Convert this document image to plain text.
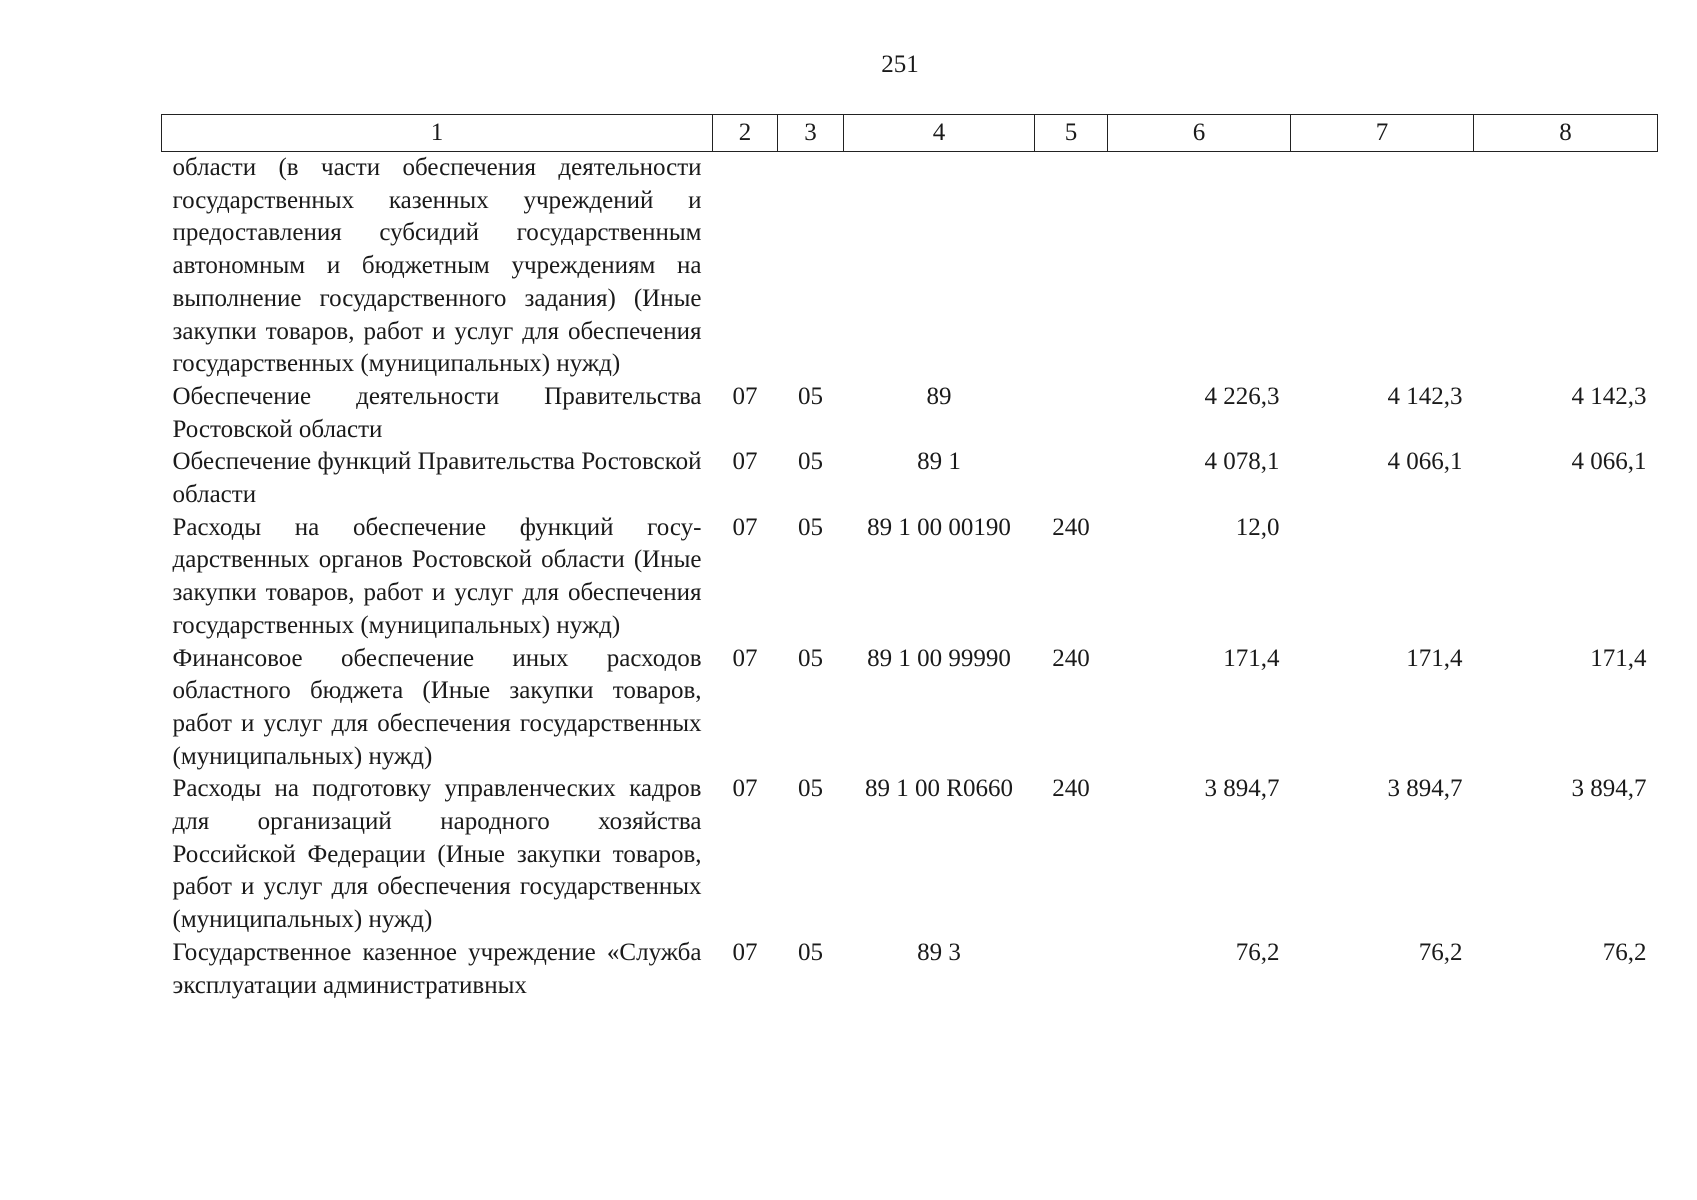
251
1	2	3	4	5	6	7	8
области (в части обеспечения деятельности государственных казенных учреждений и предоставления субсидий государственным автономным и бюджетным учреждениям на выполнение государственного задания) (Иные закупки товаров, работ и услуг для обеспечения государственных (муниципальных) нужд)							
Обеспечение деятельности Правительства Ростовской области	07	05	89		4 226,3	4 142,3	4 142,3
Обеспечение функций Правительства Ростовской области	07	05	89 1		4 078,1	4 066,1	4 066,1
Расходы на обеспечение функций государственных органов Ростовской области (Иные закупки товаров, работ и услуг для обеспечения государственных (муниципальных) нужд)	07	05	89 1 00 00190	240	12,0		
Финансовое обеспечение иных расходов областного бюджета (Иные закупки товаров, работ и услуг для обеспечения государственных (муниципальных) нужд)	07	05	89 1 00 99990	240	171,4	171,4	171,4
Расходы на подготовку управленческих кадров для организаций народного хозяйства Российской Федерации (Иные закупки товаров, работ и услуг для обеспечения государственных (муниципальных) нужд)	07	05	89 1 00 R0660	240	3 894,7	3 894,7	3 894,7
Государственное казенное учреждение «Служба эксплуатации административных	07	05	89 3		76,2	76,2	76,2
